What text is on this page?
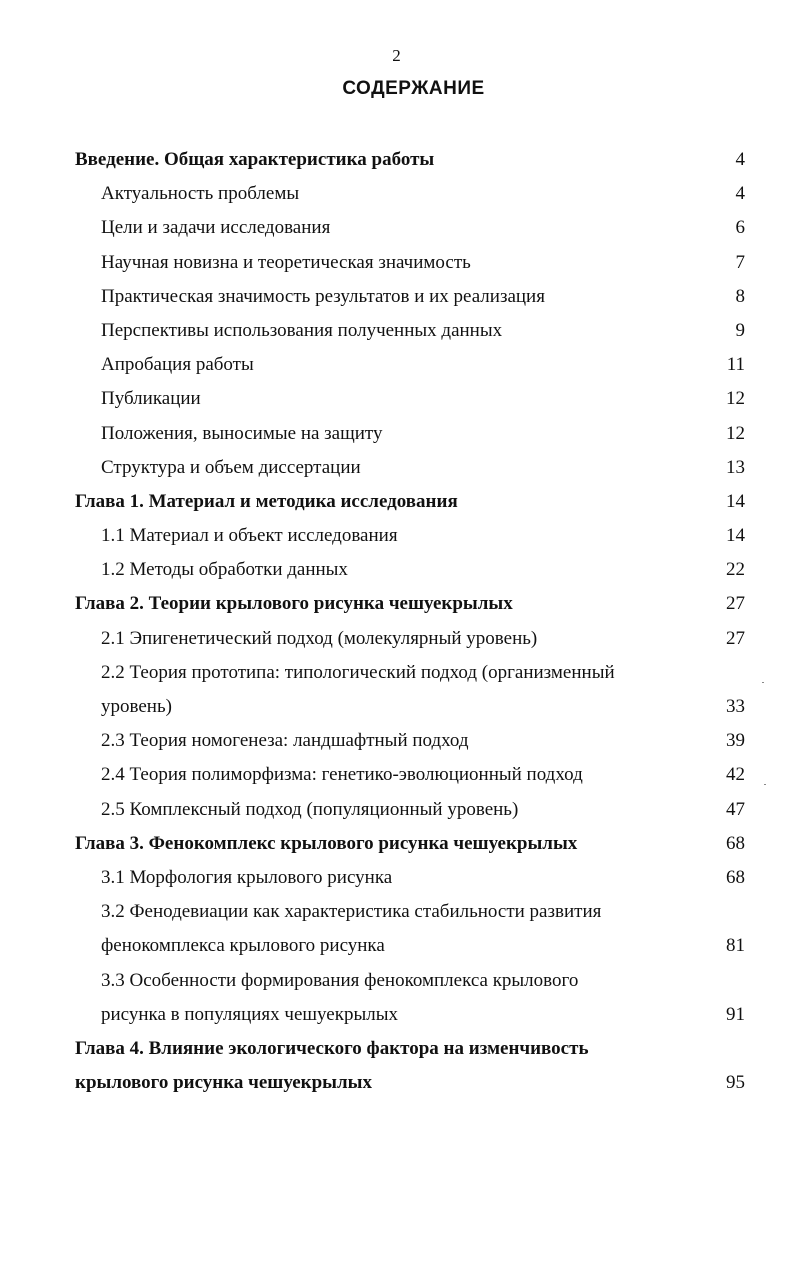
2
СОДЕРЖАНИЕ
Введение. Общая характеристика работы	4
Актуальность проблемы	4
Цели и задачи исследования	6
Научная новизна и теоретическая значимость	7
Практическая значимость результатов и их реализация	8
Перспективы использования полученных данных	9
Апробация работы	11
Публикации	12
Положения, выносимые на защиту	12
Структура и объем диссертации	13
Глава 1. Материал и методика исследования	14
1.1 Материал и объект исследования	14
1.2 Методы обработки данных	22
Глава 2. Теории крылового рисунка чешуекрылых	27
2.1 Эпигенетический подход (молекулярный уровень)	27
2.2 Теория прототипа: типологический подход (организменный
уровень)	33
2.3 Теория номогенеза: ландшафтный подход	39
2.4 Теория полиморфизма: генетико-эволюционный подход	42
2.5 Комплексный подход (популяционный уровень)	47
Глава 3. Фенокомплекс крылового рисунка чешуекрылых	68
3.1 Морфология крылового рисунка	68
3.2 Фенодевиации как характеристика стабильности развития
фенокомплекса крылового рисунка	81
3.3 Особенности формирования фенокомплекса крылового
рисунка в популяциях чешуекрылых	91
Глава 4. Влияние экологического фактора на изменчивость
крылового рисунка чешуекрылых	95
